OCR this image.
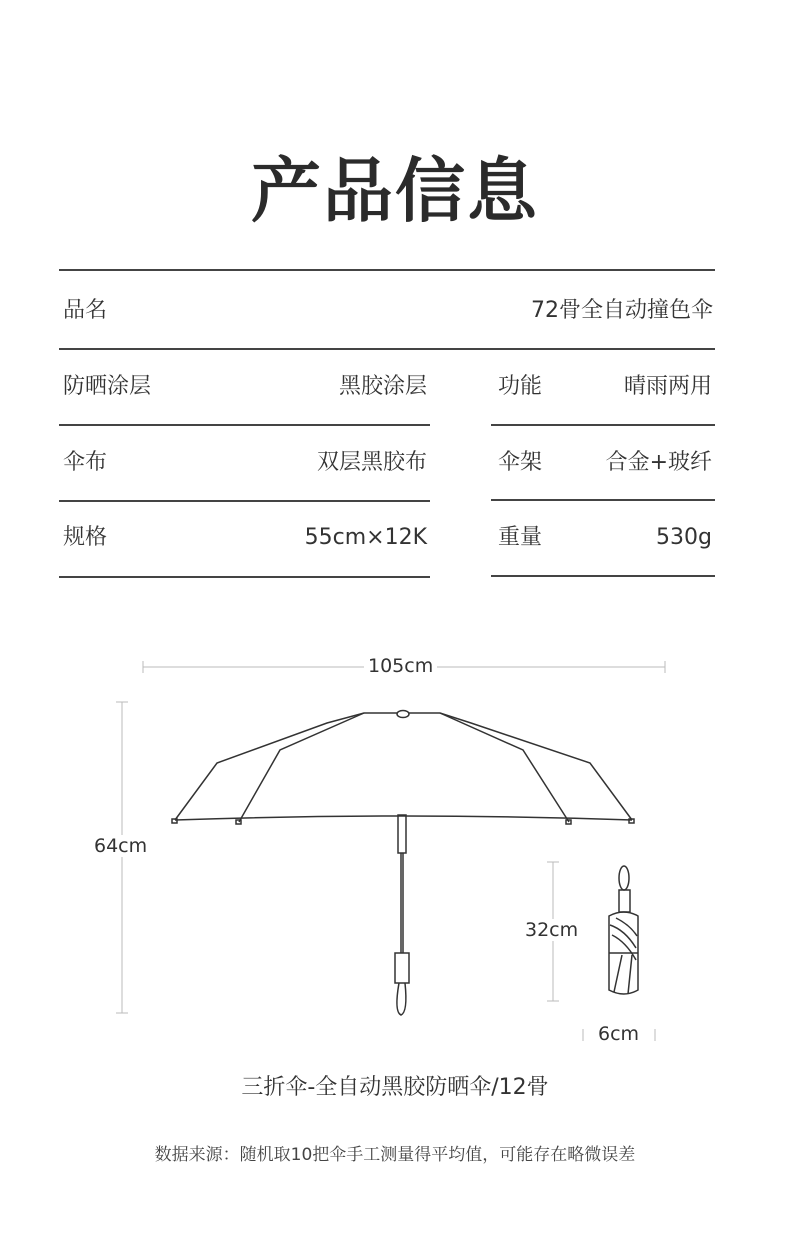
产品信息
品名	72骨全自动撞色伞
防晒涂层	黑胶涂层	功能	晴雨两用
伞布	双层黑胶布	伞架	合金+玻纤
规格	55cm×12K	重量	530g
105cm
64cm
32cm
6cm
三折伞-全自动黑胶防晒伞/12骨
数据来源：随机取10把伞手工测量得平均值，可能存在略微误差
